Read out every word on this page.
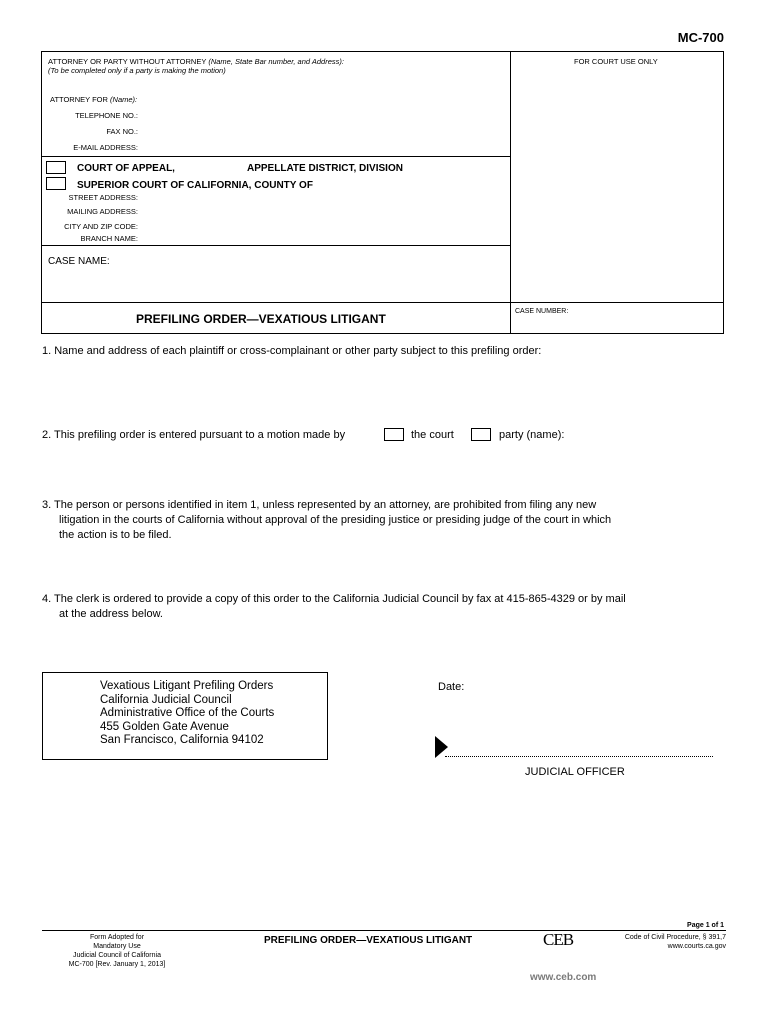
MC-700
ATTORNEY OR PARTY WITHOUT ATTORNEY (Name, State Bar number, and Address):
(To be completed only if a party is making the motion)
FOR COURT USE ONLY
ATTORNEY FOR (Name):
TELEPHONE NO.:
FAX NO.:
E-MAIL ADDRESS:
COURT OF APPEAL,	APPELLATE DISTRICT, DIVISION
SUPERIOR COURT OF CALIFORNIA, COUNTY OF
STREET ADDRESS:
MAILING ADDRESS:
CITY AND ZIP CODE:
BRANCH NAME:
CASE NAME:
PREFILING ORDER—VEXATIOUS LITIGANT
CASE NUMBER:
1. Name and address of each plaintiff or cross-complainant or other party subject to this prefiling order:
2. This prefiling order is entered pursuant to a motion made by	the court	party (name):
3. The person or persons identified in item 1, unless represented by an attorney, are prohibited from filing any new
litigation in the courts of California without approval of the presiding justice or presiding judge of the court in which
the action is to be filed.
4. The clerk is ordered to provide a copy of this order to the California Judicial Council by fax at 415-865-4329 or by mail
at the address below.
Vexatious Litigant Prefiling Orders
California Judicial Council
Administrative Office of the Courts
455 Golden Gate Avenue
San Francisco, California 94102
Date:
JUDICIAL OFFICER
Page 1 of 1
Form Adopted for
Mandatory Use
Judicial Council of California
MC-700 [Rev. January 1, 2013]
PREFILING ORDER—VEXATIOUS LITIGANT	CEB	Code of Civil Procedure, § 391,7
www.courts.ca.gov
www.ceb.com
